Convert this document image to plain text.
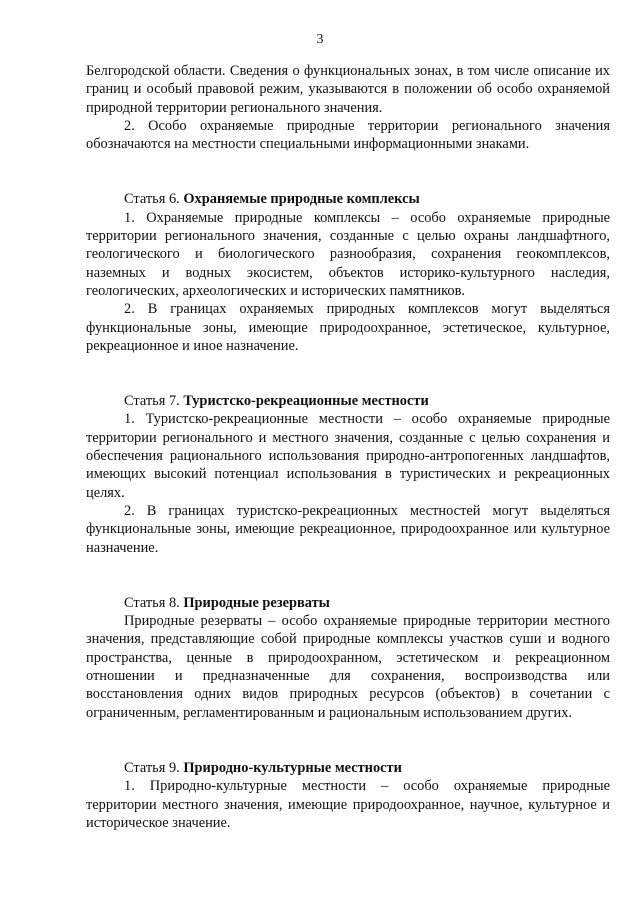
3

Белгородской области. Сведения о функциональных зонах, в том числе описание их границ и особый правовой режим, указываются в положении об особо охраняемой природной территории регионального значения.

2. Особо охраняемые природные территории регионального значения обозначаются на местности специальными информационными знаками.

Статья 6. Охраняемые природные комплексы

1. Охраняемые природные комплексы – особо охраняемые природные территории регионального значения, созданные с целью охраны ландшафтного, геологического и биологического разнообразия, сохранения геокомплексов, наземных и водных экосистем, объектов историко-культурного наследия, геологических, археологических и исторических памятников.

2. В границах охраняемых природных комплексов могут выделяться функциональные зоны, имеющие природоохранное, эстетическое, культурное, рекреационное и иное назначение.

Статья 7. Туристско-рекреационные местности

1. Туристско-рекреационные местности – особо охраняемые природные территории регионального и местного значения, созданные с целью сохранения и обеспечения рационального использования природно-антропогенных ландшафтов, имеющих высокий потенциал использования в туристических и рекреационных целях.

2. В границах туристско-рекреационных местностей могут выделяться функциональные зоны, имеющие рекреационное, природоохранное или культурное назначение.

Статья 8. Природные резерваты

Природные резерваты – особо охраняемые природные территории местного значения, представляющие собой природные комплексы участков суши и водного пространства, ценные в природоохранном, эстетическом и рекреационном отношении и предназначенные для сохранения, воспроизводства или восстановления одних видов природных ресурсов (объектов) в сочетании с ограниченным, регламентированным и рациональным использованием других.

Статья 9. Природно-культурные местности

1. Природно-культурные местности – особо охраняемые природные территории местного значения, имеющие природоохранное, научное, культурное и историческое значение.
